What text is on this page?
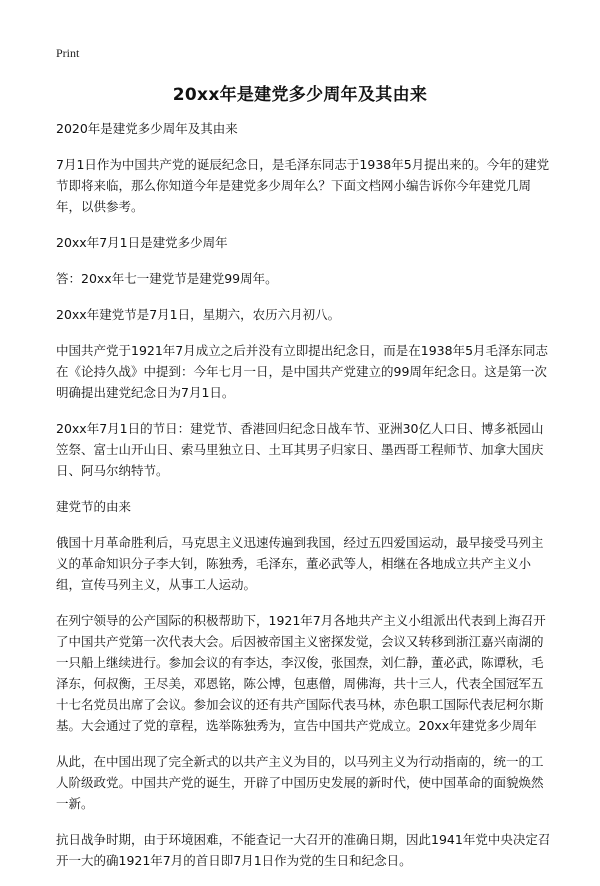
Print
20xx年是建党多少周年及其由来

2020年是建党多少周年及其由来

7月1日作为中国共产党的诞辰纪念日，是毛泽东同志于1938年5月提出来的。今年的建党节即将来临，那么你知道今年是建党多少周年么？下面文档网小编告诉你今年建党几周年，以供参考。

20xx年7月1日是建党多少周年

答：20xx年七一建党节是建党99周年。

20xx年建党节是7月1日，星期六，农历六月初八。

中国共产党于1921年7月成立之后并没有立即提出纪念日，而是在1938年5月毛泽东同志在《论持久战》中提到：今年七月一日，是中国共产党建立的99周年纪念日。这是第一次明确提出建党纪念日为7月1日。

20xx年7月1日的节日：建党节、香港回归纪念日战车节、亚洲30亿人口日、博多祇园山笠祭、富士山开山日、索马里独立日、土耳其男子归家日、墨西哥工程师节、加拿大国庆日、阿马尔纳特节。

建党节的由来

俄国十月革命胜利后，马克思主义迅速传遍到我国，经过五四爱国运动，最早接受马列主义的革命知识分子李大钊，陈独秀，毛泽东，董必武等人，相继在各地成立共产主义小组，宣传马列主义，从事工人运动。

在列宁领导的公产国际的积极帮助下，1921年7月各地共产主义小组派出代表到上海召开了中国共产党第一次代表大会。后因被帝国主义密探发觉，会议又转移到浙江嘉兴南湖的一只船上继续进行。参加会议的有李达，李汉俊，张国焘，刘仁静，董必武，陈谭秋，毛泽东，何叔衡，王尽美，邓恩铭，陈公博，包惠僧，周佛海，共十三人，代表全国冠军五十七名党员出席了会议。参加会议的还有共产国际代表马林，赤色职工国际代表尼柯尔斯基。大会通过了党的章程，选举陈独秀为，宣告中国共产党成立。20xx年建党多少周年

从此，在中国出现了完全新式的以共产主义为目的，以马列主义为行动指南的，统一的工人阶级政党。中国共产党的诞生，开辟了中国历史发展的新时代，使中国革命的面貌焕然一新。

抗日战争时期，由于环境困难，不能查记一大召开的准确日期，因此1941年党中央决定召开一大的确1921年7月的首日即7月1日作为党的生日和纪念日。
